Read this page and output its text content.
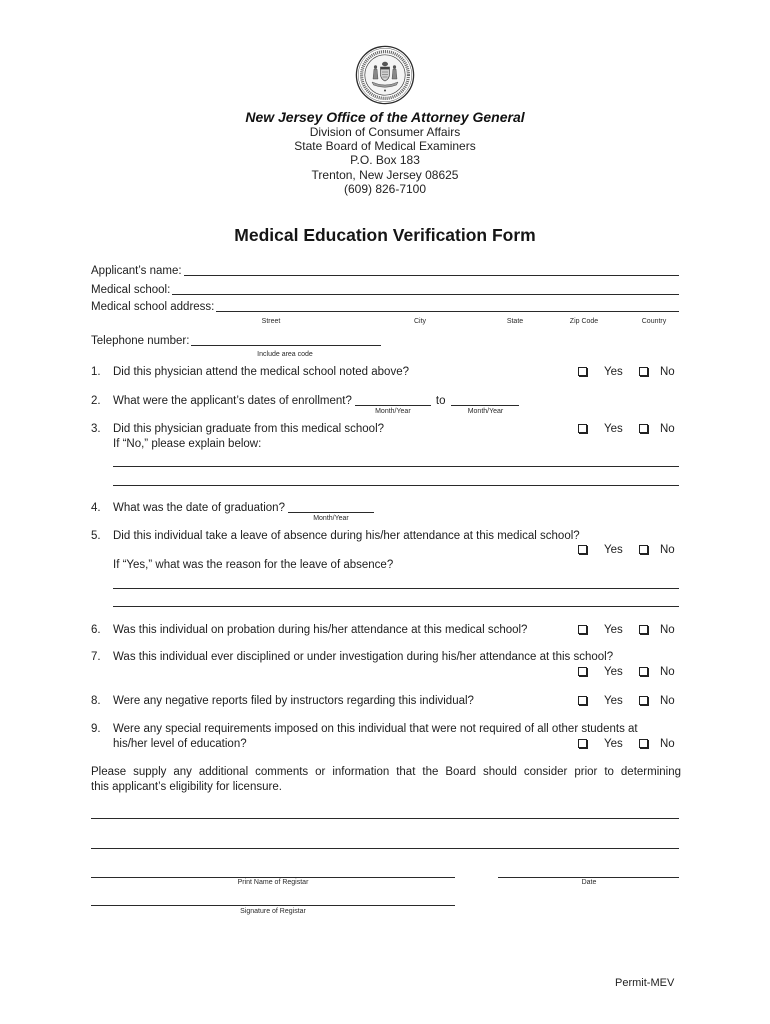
New Jersey Office of the Attorney General
Division of Consumer Affairs
State Board of Medical Examiners
P.O. Box 183
Trenton, New Jersey 08625
(609) 826-7100
Medical Education Verification Form
Applicant’s name:
Medical school:
Medical school address:
Street	City	State	Zip Code	Country
Telephone number:
Include area code
1.	Did this physician attend the medical school noted above?	Yes	No
2.	What were the applicant’s dates of enrollment?
Month/Year
to
Month/Year
3.	Did this physician graduate from this medical school?	Yes	No
If “No,” please explain below:
4.	What was the date of graduation?
Month/Year
5.	Did this individual take a leave of absence during his/her attendance at this medical school?
Yes	No
If “Yes,” what was the reason for the leave of absence?
6.	Was this individual on probation during his/her attendance at this medical school?	Yes	No
7.	Was this individual ever disciplined or under investigation during his/her attendance at this school?
Yes	No
8.	Were any negative reports filed by instructors regarding this individual?	Yes	No
9.	Were any special requirements imposed on this individual that were not required of all other students at
his/her level of education?	Yes	No
Please supply any additional comments or information that the Board should consider prior to determining
this applicant’s eligibility for licensure.
Print Name of Registar	Date
Signature of Registar
Permit-MEV
